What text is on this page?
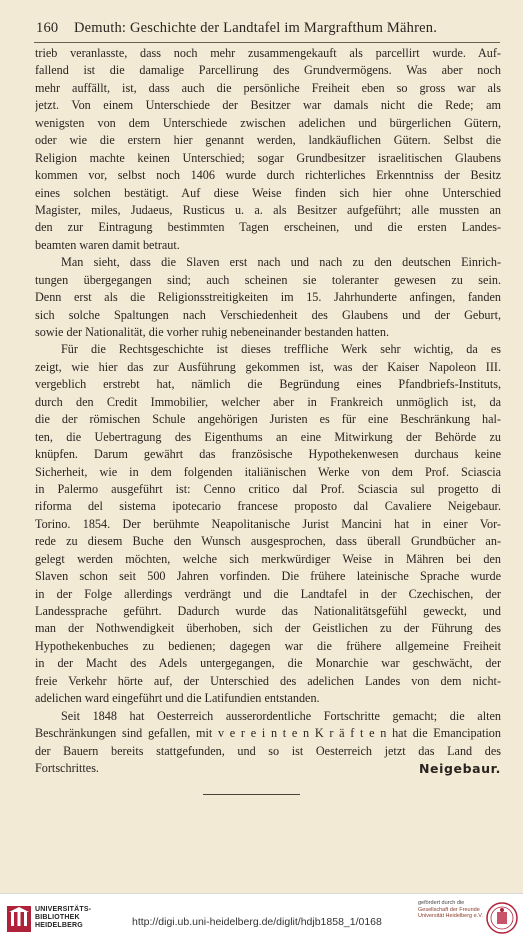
160 Demuth: Geschichte der Landtafel im Margrafthum Mähren.
trieb veranlasste, dass noch mehr zusammengekauft als parcellirt wurde. Auf-
fallend ist die damalige Parcellirung des Grundvermögens. Was aber noch
mehr auffällt, ist, dass auch die persönliche Freiheit eben so gross war als
jetzt. Von einem Unterschiede der Besitzer war damals nicht die Rede; am
wenigsten von dem Unterschiede zwischen adelichen und bürgerlichen Gütern,
oder wie die erstern hier genannt werden, landkäuflichen Gütern. Selbst die
Religion machte keinen Unterschied; sogar Grundbesitzer israelitischen Glaubens
kommen vor, selbst noch 1406 wurde durch richterliches Erkenntniss der Besitz
eines solchen bestätigt. Auf diese Weise finden sich hier ohne Unterschied
Magister, miles, Judaeus, Rusticus u. a. als Besitzer aufgeführt; alle mussten an
den zur Eintragung bestimmten Tagen erscheinen, und die ersten Landes-
beamten waren damit betraut.
Man sieht, dass die Slaven erst nach und nach zu den deutschen Einrich-
tungen übergegangen sind; auch scheinen sie toleranter gewesen zu sein.
Denn erst als die Religionsstreitigkeiten im 15. Jahrhunderte anfingen, fanden
sich solche Spaltungen nach Verschiedenheit des Glaubens und der Geburt,
sowie der Nationalität, die vorher ruhig nebeneinander bestanden hatten.
Für die Rechtsgeschichte ist dieses treffliche Werk sehr wichtig, da es
zeigt, wie hier das zur Ausführung gekommen ist, was der Kaiser Napoleon III.
vergeblich erstrebt hat, nämlich die Begründung eines Pfandbriefs-Instituts,
durch den Credit Immobilier, welcher aber in Frankreich unmöglich ist, da
die der römischen Schule angehörigen Juristen es für eine Beschränkung hal-
ten, die Uebertragung des Eigenthums an eine Mitwirkung der Behörde zu
knüpfen. Darum gewährt das französische Hypothekenwesen durchaus keine
Sicherheit, wie in dem folgenden italiänischen Werke von dem Prof. Sciascia
in Palermo ausgeführt ist: Cenno critico dal Prof. Sciascia sul progetto di
riforma del sistema ipotecario francese proposto dal Cavaliere Neigebaur.
Torino. 1854. Der berühmte Neapolitanische Jurist Mancini hat in einer Vor-
rede zu diesem Buche den Wunsch ausgesprochen, dass überall Grundbücher an-
gelegt werden möchten, welche sich merkwürdiger Weise in Mähren bei den
Slaven schon seit 500 Jahren vorfinden. Die frühere lateinische Sprache wurde
in der Folge allerdings verdrängt und die Landtafel in der Czechischen, der
Landessprache geführt. Dadurch wurde das Nationalitätsgefühl geweckt, und
man der Nothwendigkeit überhoben, sich der Geistlichen zu der Führung des
Hypothekenbuches zu bedienen; dagegen war die frühere allgemeine Freiheit
in der Macht des Adels untergegangen, die Monarchie war geschwächt, der
freie Verkehr hörte auf, der Unterschied des adelichen Landes von dem nicht-
adelichen ward eingeführt und die Latifundien entstanden.
Seit 1848 hat Oesterreich ausserordentliche Fortschritte gemacht; die alten
Beschränkungen sind gefallen, mit v e r e i n t e n K r ä f t e n hat die Emancipation
der Bauern bereits stattgefunden, und so ist Oesterreich jetzt das Land des
Fortschrittes.	Neigebaur.
UNIVERSITÄTS-
BIBLIOTHEK
HEIDELBERG	http://digi.ub.uni-heidelberg.de/diglit/hdjb1858_1/0168
gefördert durch die
Gesellschaft der Freunde
Universität Heidelberg e.V.
